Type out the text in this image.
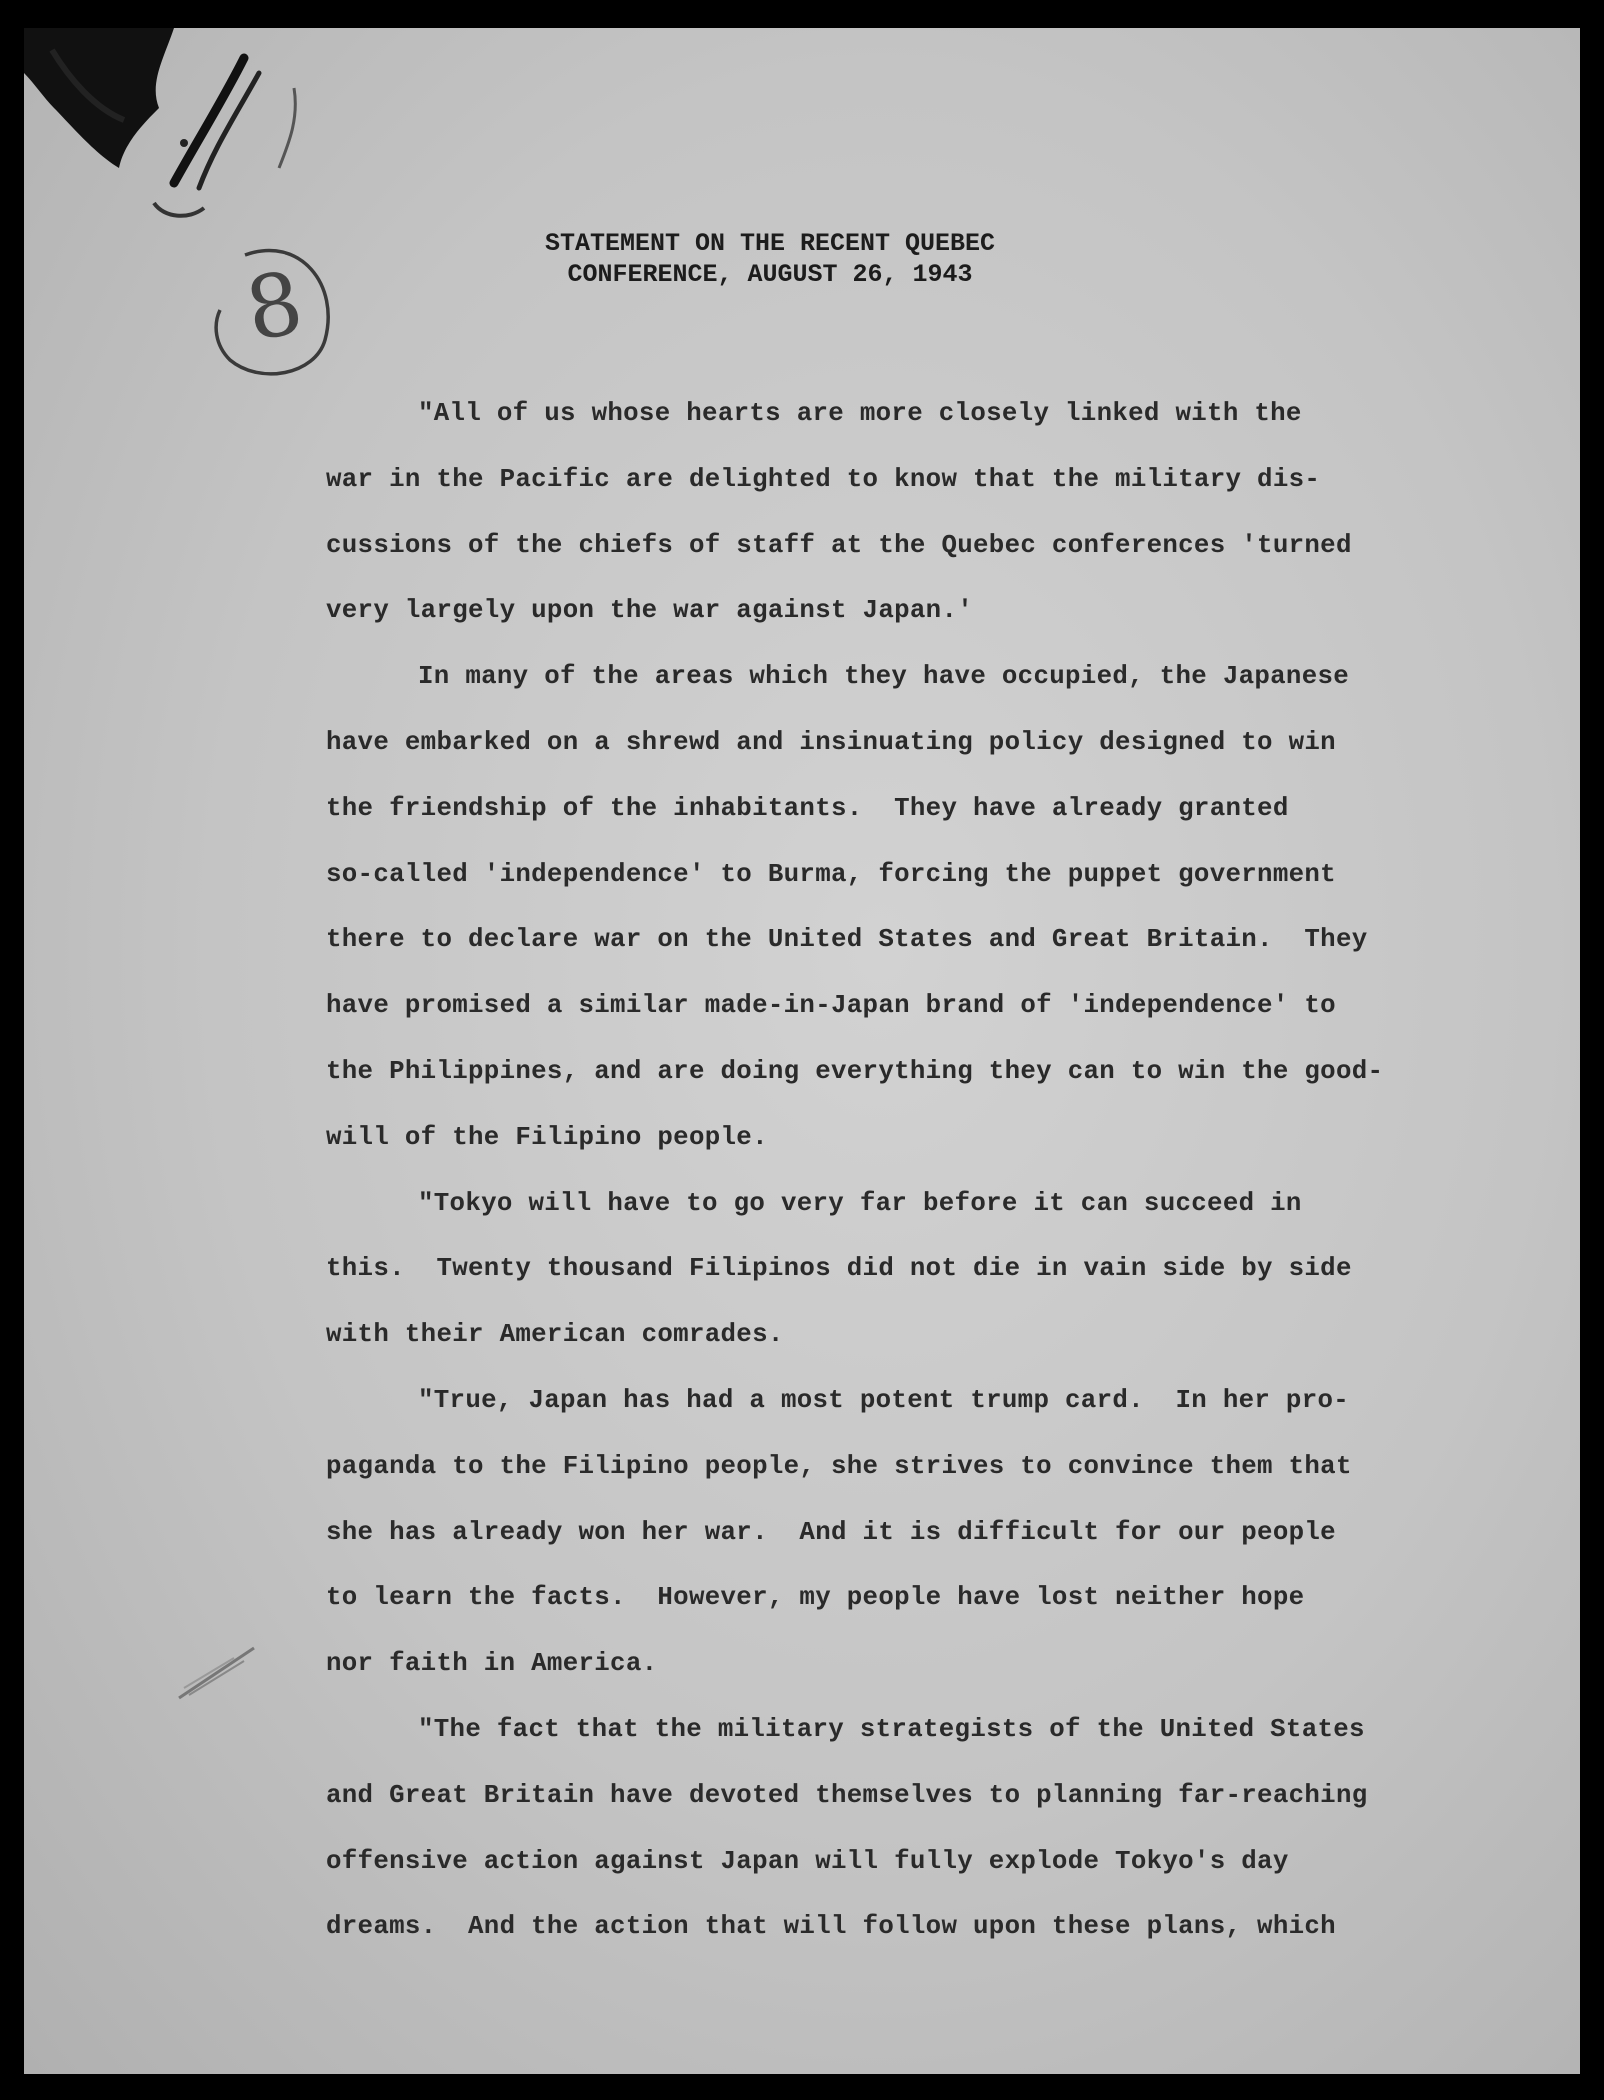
8
STATEMENT ON THE RECENT QUEBEC
CONFERENCE, AUGUST 26, 1943
"All of us whose hearts are more closely linked with the
war in the Pacific are delighted to know that the military dis-
cussions of the chiefs of staff at the Quebec conferences 'turned
very largely upon the war against Japan.'
In many of the areas which they have occupied, the Japanese
have embarked on a shrewd and insinuating policy designed to win
the friendship of the inhabitants.  They have already granted
so-called 'independence' to Burma, forcing the puppet government
there to declare war on the United States and Great Britain.  They
have promised a similar made-in-Japan brand of 'independence' to
the Philippines, and are doing everything they can to win the good-
will of the Filipino people.
"Tokyo will have to go very far before it can succeed in
this.  Twenty thousand Filipinos did not die in vain side by side
with their American comrades.
"True, Japan has had a most potent trump card.  In her pro-
paganda to the Filipino people, she strives to convince them that
she has already won her war.  And it is difficult for our people
to learn the facts.  However, my people have lost neither hope
nor faith in America.
"The fact that the military strategists of the United States
and Great Britain have devoted themselves to planning far-reaching
offensive action against Japan will fully explode Tokyo's day
dreams.  And the action that will follow upon these plans, which
